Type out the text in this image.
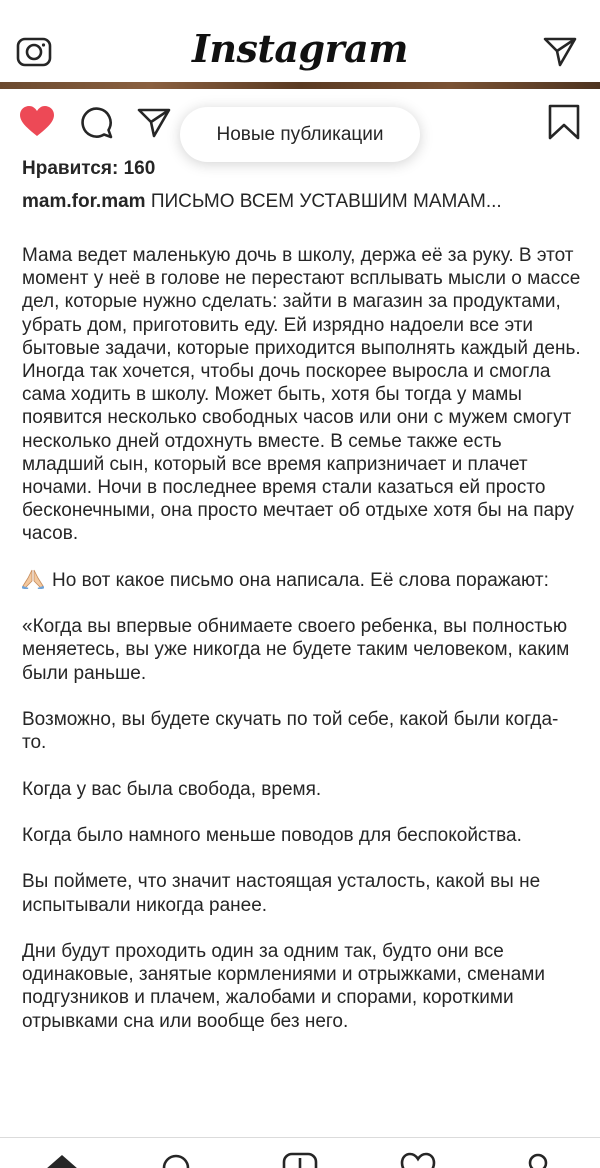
Instagram
Новые публикации
Нравится: 160
mam.for.mam ПИСЬМО ВСЕМ УСТАВШИМ МАМАМ...

Мама ведет маленькую дочь в школу, держа её за руку. В этот момент у неё в голове не перестают всплывать мысли о массе дел, которые нужно сделать: зайти в магазин за продуктами, убрать дом, приготовить еду. Ей изрядно надоели все эти бытовые задачи, которые приходится выполнять каждый день. Иногда так хочется, чтобы дочь поскорее выросла и смогла сама ходить в школу. Может быть, хотя бы тогда у мамы появится несколько свободных часов или они с мужем смогут несколько дней отдохнуть вместе. В семье также есть младший сын, который все время капризничает и плачет ночами. Ночи в последнее время стали казаться ей просто бесконечными, она просто мечтает об отдыхе хотя бы на пару часов.

Но вот какое письмо она написала. Её слова поражают:

«Когда вы впервые обнимаете своего ребенка, вы полностью меняетесь, вы уже никогда не будете таким человеком, каким были раньше.

Возможно, вы будете скучать по той себе, какой были когда-то.

Когда у вас была свобода, время.

Когда было намного меньше поводов для беспокойства.

Вы поймете, что значит настоящая усталость, какой вы не испытывали никогда ранее.

Дни будут проходить один за одним так, будто они все одинаковые, занятые кормлениями и отрыжками, сменами подгузников и плачем, жалобами и спорами, короткими отрывками сна или вообще без него.
